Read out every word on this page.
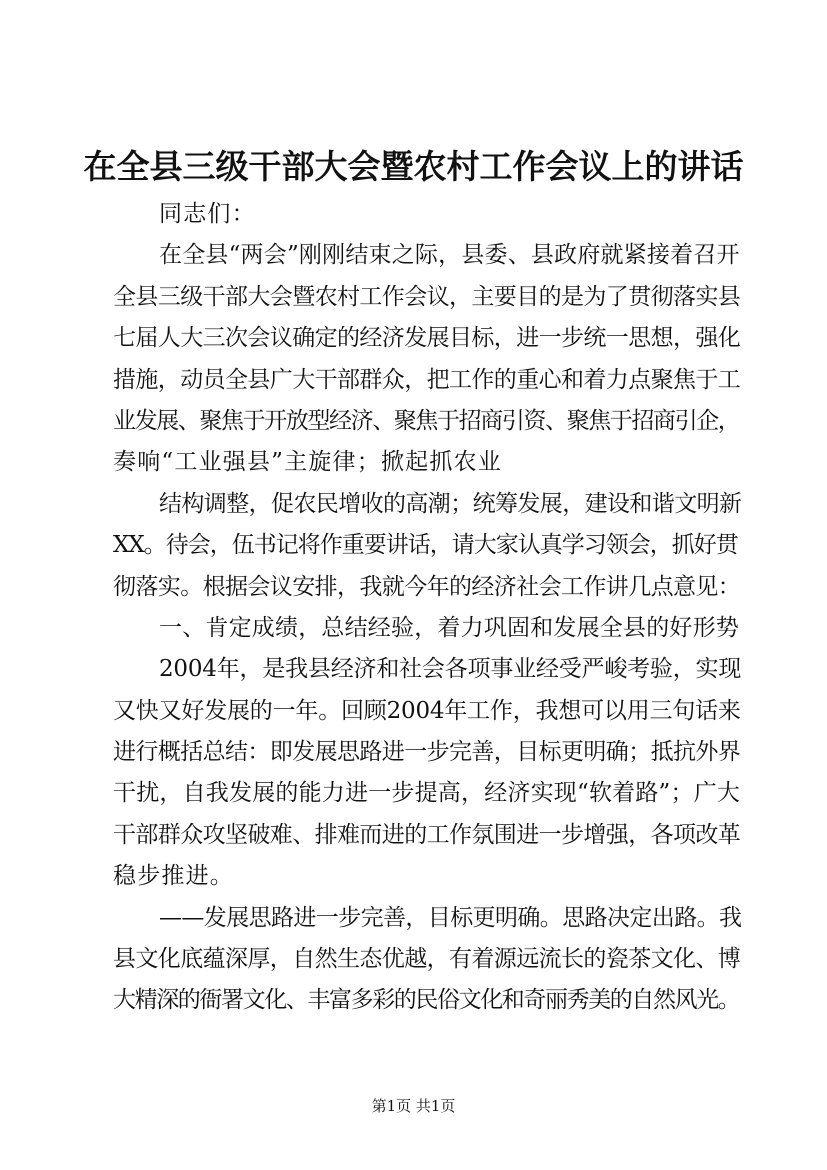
在全县三级干部大会暨农村工作会议上的讲话
同志们：
在全县“两会”刚刚结束之际，县委、县政府就紧接着召开
全县三级干部大会暨农村工作会议，主要目的是为了贯彻落实县
七届人大三次会议确定的经济发展目标，进一步统一思想，强化
措施，动员全县广大干部群众，把工作的重心和着力点聚焦于工
业发展、聚焦于开放型经济、聚焦于招商引资、聚焦于招商引企，
奏响“工业强县”主旋律；掀起抓农业
结构调整，促农民增收的高潮；统筹发展，建设和谐文明新
XX。待会，伍书记将作重要讲话，请大家认真学习领会，抓好贯
彻落实。根据会议安排，我就今年的经济社会工作讲几点意见：
一、肯定成绩，总结经验，着力巩固和发展全县的好形势
2004年，是我县经济和社会各项事业经受严峻考验，实现
又快又好发展的一年。回顾2004年工作，我想可以用三句话来
进行概括总结：即发展思路进一步完善，目标更明确；抵抗外界
干扰，自我发展的能力进一步提高，经济实现“软着路”；广大
干部群众攻坚破难、排难而进的工作氛围进一步增强，各项改革
稳步推进。
——发展思路进一步完善，目标更明确。思路决定出路。我
县文化底蕴深厚，自然生态优越，有着源远流长的瓷茶文化、博
大精深的衙署文化、丰富多彩的民俗文化和奇丽秀美的自然风光。
第1页 共1页
